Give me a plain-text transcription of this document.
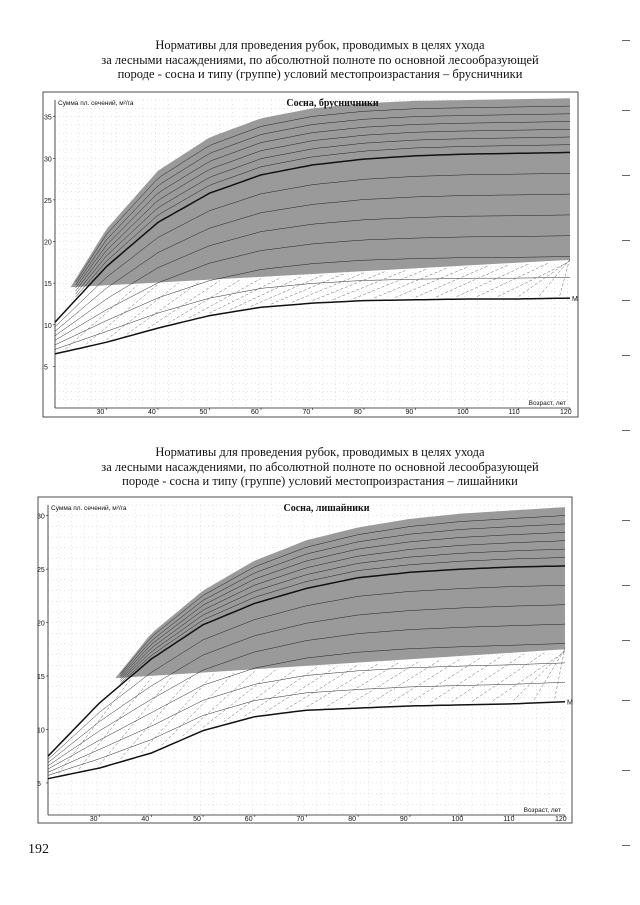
Нормативы для проведения рубок, проводимых в целях ухода
за лесными насаждениями, по абсолютной полноте по основной лесообразующей
породе - сосна и типу (группе) условий местопроизрастания – брусничники
M
30	40	50	60	70	80	90	100	110	120
5
10
15
20
25
30
35
Сосна, брусничники
Сумма пл. сечений, м²/га
Возраст, лет
Нормативы для проведения рубок, проводимых в целях ухода
за лесными насаждениями, по абсолютной полноте по основной лесообразующей
породе - сосна и типу (группе) условий местопроизрастания – лишайники
M
30	40	50	60	70	80	90	100	110	120
5
10
15
20
25
30
Сосна, лишайники
Сумма пл. сечений, м²/га
Возраст, лет
192
